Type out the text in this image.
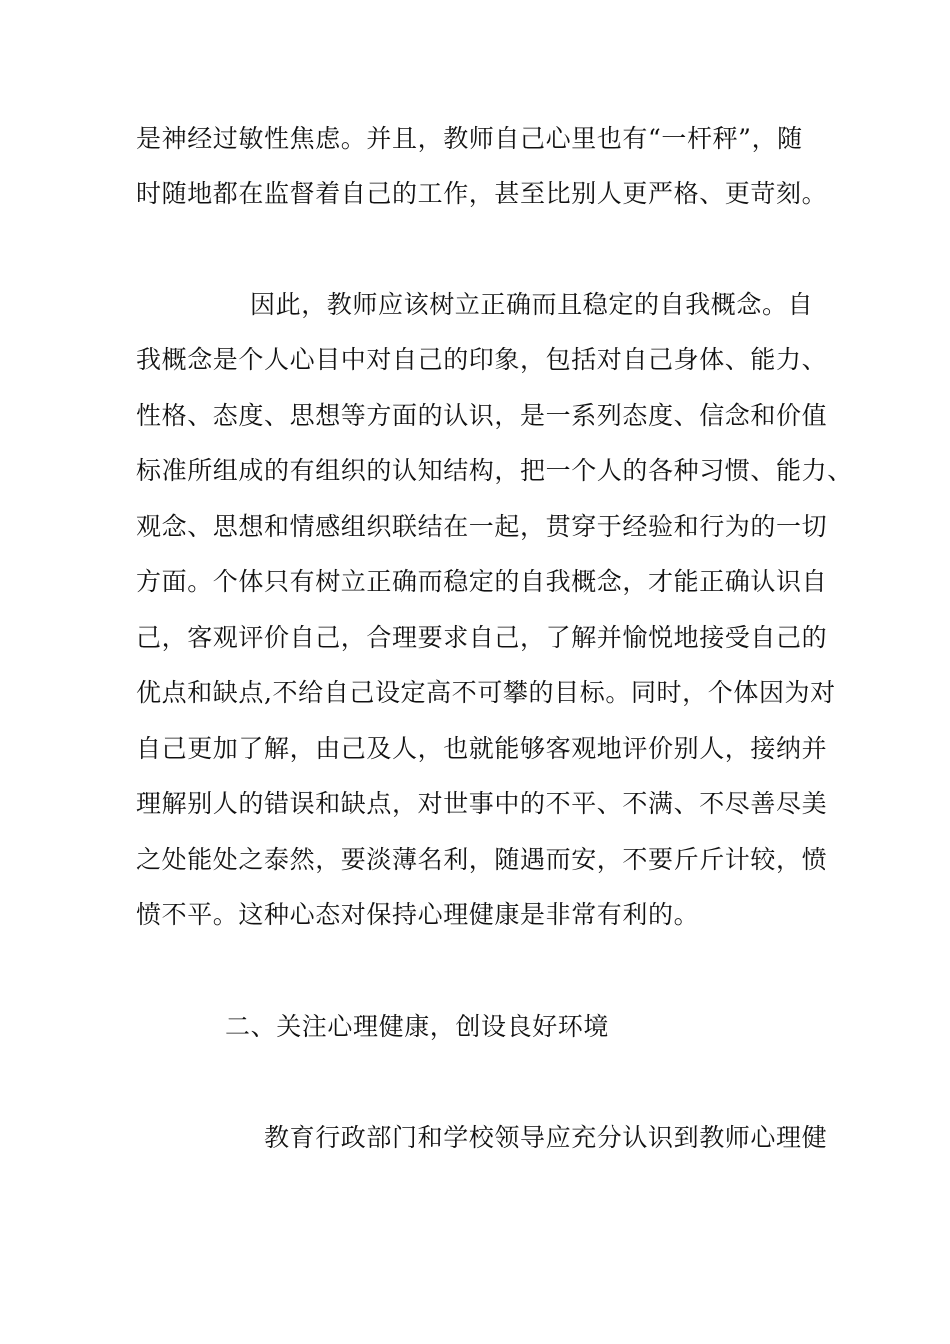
是神经过敏性焦虑。并且，教师自己心里也有“一杆秤”，随
时随地都在监督着自己的工作，甚至比别人更严格、更苛刻。
因此，教师应该树立正确而且稳定的自我概念。自
我概念是个人心目中对自己的印象，包括对自己身体、能力、
性格、态度、思想等方面的认识，是一系列态度、信念和价值
标准所组成的有组织的认知结构，把一个人的各种习惯、能力、
观念、思想和情感组织联结在一起，贯穿于经验和行为的一切
方面。个体只有树立正确而稳定的自我概念，才能正确认识自
己，客观评价自己，合理要求自己，了解并愉悦地接受自己的
优点和缺点,不给自己设定高不可攀的目标。同时，个体因为对
自己更加了解，由己及人，也就能够客观地评价别人，接纳并
理解别人的错误和缺点，对世事中的不平、不满、不尽善尽美
之处能处之泰然，要淡薄名利，随遇而安，不要斤斤计较，愤
愤不平。这种心态对保持心理健康是非常有利的。
二、关注心理健康，创设良好环境
教育行政部门和学校领导应充分认识到教师心理健
